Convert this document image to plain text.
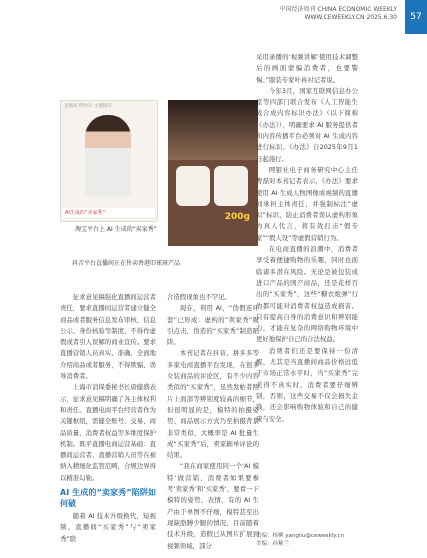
中国经济周刊 CHINA ECONOMIC WEEKLY
WWW.CEWEEKLY.CN 2025.6.30	57
直播间 购物车 主播推荐
AI生成的“卖家秀”
淘宝平台上 AI 生成的“卖家秀”
200g
抖音平台直播间正在售卖香港旧雀斑产品

征求意见稿强化直播间运营者责任，要求直播间运营者建立健全商品或者服务信息发布审核、信息公示、身份核验等制度，不得作虚假或者引人误解的商业宣传。要求直播营销人员真实、准确、全面地介绍商品或者服务，不得欺骗、误导消费者。

上海市消保委秘书长唐健盛表示，征求意见稿明确了各主体权利和责任。直播电商平台经营者作为关键枢纽，需健全账号、交易、商品质量、消费者权益等多维度保护机制。既平直播电商运营基础：直播间运营者、直播营销人员等在被纳入精细化监管范畴，合规边界得以精准勾勒。

AI 生成的“卖家秀”陷阱如何破

随着 AI 技术升级换代，短视频、直播间“买家秀”与“卖家秀”联

合造假现象也不罕见。

现在，利用 AI，“伪假连环套”已形成：虚构的“卖家秀”吸引点击，伪造的“买家秀”制造陷阱。

本刊记者在抖音、拼多多等多家电商直播平台发现，在很多女装商品的评论区，有不少内容类似的“买家秀”，虽然发帖者照片上面部等辨别度较高的细节，但很明显的是，模特的拍摄姿势、商品展示方式乃至拍摄背景非常类似，大概率是 AI 批量生成“买家秀”后，卖家刷单评论的结果。

“我在商家使用同一个‘AI 模特’做营销，消费者如果要参考‘卖家秀’和‘买家秀’，要看一下模特的姿势、表情，有的 AI 生产由于单图不仔细，模特甚至出现缺胳膊少腿的情况，目前随着技术升级，造假已从图片扩展到视频领域，部分

采用录播的‘视频讲解’使用技术调整后的画面蒙骗消费者，也要警惕。”服装专家叶冉对记者说。

今年3月，国家互联网信息办公室等四部门联合发布《人工智能生成合成内容标识办法》（以下简称《办法》），明确要求 AI 服务提供者和内容传播平台必须对 AI 生成内容进行标识。《办法》自2025年9月1日起施行。

网银社电子商务研究中心主任曹磊对本刊记者表示，《办法》要求使用 AI 生成人物图像或视频的直播间承担主体责任，并强制标注“虚拟”标识，防止消费者误认虚构形象为真人代言，将有效打击“假专家”“假人设”等虚假营销行为。

在电商直播的浪潮中，消费者享受着便捷购物的乐趣，同时也面临诸多潜在风险。无论是被包装成进口产品的国产商品，还是花样百出的“买家秀”，这些“糖衣炮弹”行为都可能对消费者权益造成损害。只有提高自身的消费意识和辨别能力，才能在复杂的网络购物环境中更好地保护自己的合法权益。

消费者们还是要保持一份清醒，尤其是当直播间商品价格远低于市场正常水平时，当“买家秀”完美得不真实时，消费者要仔细辨别，否则，这些交易不仅会损失金钱，还会影响购物体验和自己的健康与安全。

责编：杨柳 yangliu@ceweekly.cn
美编：孙紫兰
